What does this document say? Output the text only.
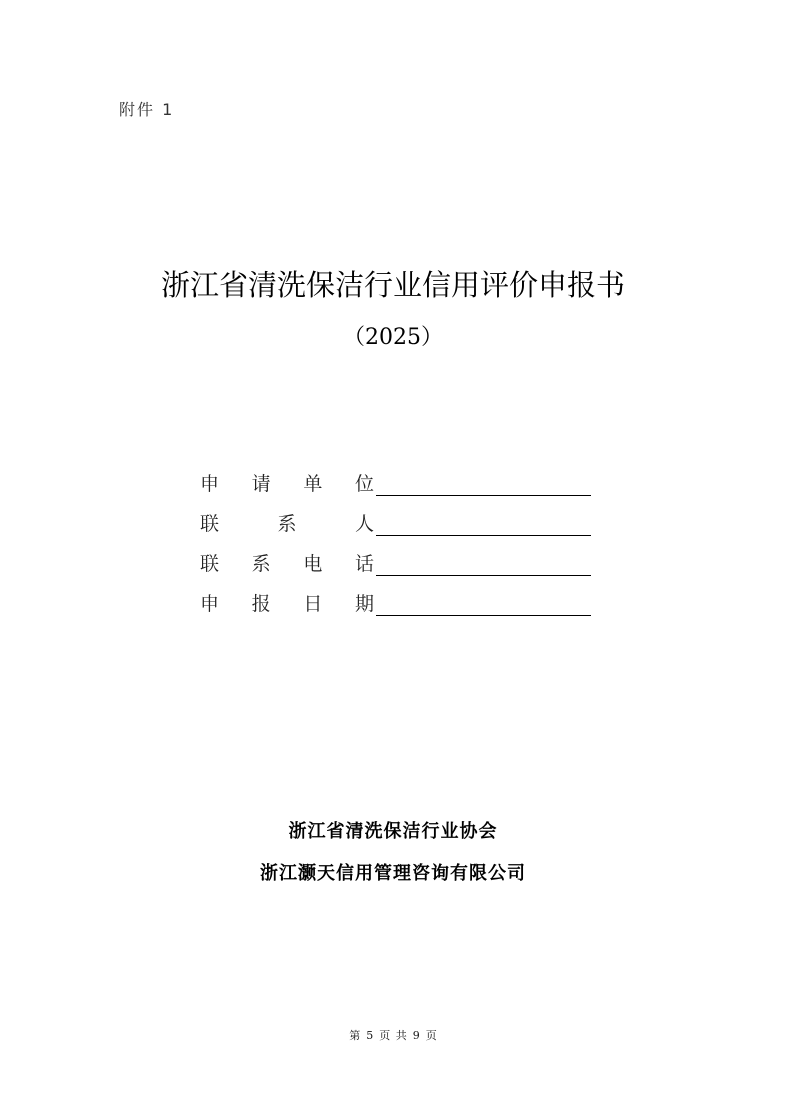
附件 1
浙江省清洗保洁行业信用评价申报书
（2025）
申 请 单 位
联	系	人
联 系 电 话
申 报 日 期
浙江省清洗保洁行业协会
浙江灏天信用管理咨询有限公司
第 5 页 共 9 页
